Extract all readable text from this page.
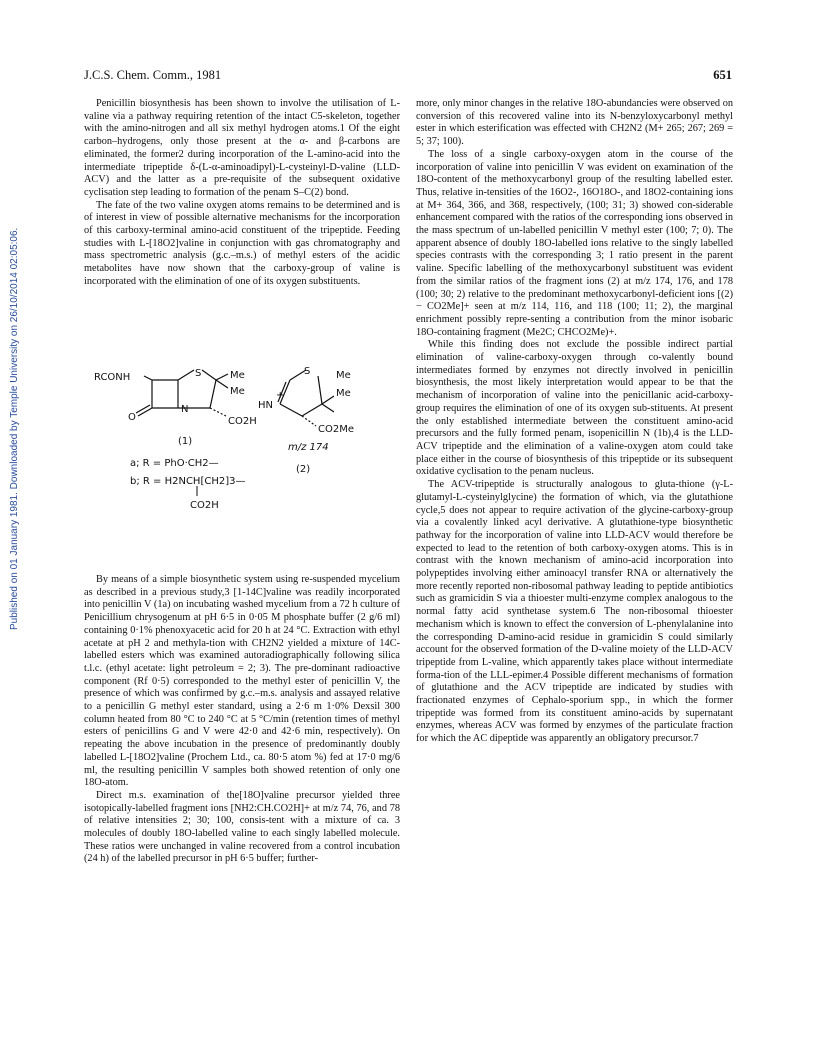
J.C.S. Chem. Comm., 1981	651
Published on 01 January 1981. Downloaded by Temple University on 26/10/2014 02:05:06.

Penicillin biosynthesis has been shown to involve the utilisation of L-valine via a pathway requiring retention of the intact C5-skeleton, together with the amino-nitrogen and all six methyl hydrogen atoms.1 Of the eight carbon–hydrogens, only those present at the α- and β-carbons are eliminated, the former2 during incorporation of the L-amino-acid into the intermediate tripeptide δ-(L-α-aminoadipyl)-L-cysteinyl-D-valine (LLD-ACV) and the latter as a pre-requisite of the subsequent oxidative cyclisation step leading to formation of the penam S–C(2) bond.

The fate of the two valine oxygen atoms remains to be determined and is of interest in view of possible alternative mechanisms for the incorporation of this carboxy-terminal amino-acid constituent of the tripeptide. Feeding studies with L-[18O2]valine in conjunction with gas chromatography and mass spectrometric analysis (g.c.–m.s.) of methyl esters of the acidic metabolites have now shown that the carboxy-group of valine is incorporated with the elimination of one of its oxygen substituents.

RCONH	S	Me
Me
N
O	CO2H
(1)
a; R = PhO·CH2—
b; R = H2NCH[CH2]3—
CO2H
S	Me
Me
HN
+
CO2Me
m/z 174
(2)

By means of a simple biosynthetic system using re-suspended mycelium as described in a previous study,3 [1-14C]valine was readily incorporated into penicillin V (1a) on incubating washed mycelium from a 72 h culture of Penicillium chrysogenum at pH 6·5 in 0·05 M phosphate buffer (2 g/6 ml) containing 0·1% phenoxyacetic acid for 20 h at 24 °C. Extraction with ethyl acetate at pH 2 and methyla-tion with CH2N2 yielded a mixture of 14C-labelled esters which was examined autoradiographically following silica t.l.c. (ethyl acetate: light petroleum = 2; 3). The pre-dominant radioactive component (Rf 0·5) corresponded to the methyl ester of penicillin V, the presence of which was confirmed by g.c.–m.s. analysis and assayed relative to a penicillin G methyl ester standard, using a 2·6 m 1·0% Dexsil 300 column heated from 80 °C to 240 °C at 5 °C/min (retention times of methyl esters of penicillins G and V were 42·0 and 42·6 min, respectively). On repeating the above incubation in the presence of predominantly doubly labelled L-[18O2]valine (Prochem Ltd., ca. 80·5 atom %) fed at 17·0 mg/6 ml, the resulting penicillin V samples both showed retention of only one 18O-atom.

Direct m.s. examination of the[18O]valine precursor yielded three isotopically-labelled fragment ions [NH2:CH.CO2H]+ at m/z 74, 76, and 78 of relative intensities 2; 30; 100, consis-tent with a mixture of ca. 3 molecules of doubly 18O-labelled valine to each singly labelled molecule. These ratios were unchanged in valine recovered from a control incubation (24 h) of the labelled precursor in pH 6·5 buffer; further-

more, only minor changes in the relative 18O-abundancies were observed on conversion of this recovered valine into its N-benzyloxycarbonyl methyl ester in which esterification was effected with CH2N2 (M+ 265; 267; 269 = 5; 37; 100).

The loss of a single carboxy-oxygen atom in the course of the incorporation of valine into penicillin V was evident on examination of the 18O-content of the methoxycarbonyl group of the resulting labelled ester. Thus, relative in-tensities of the 16O2-, 16O18O-, and 18O2-containing ions at M+ 364, 366, and 368, respectively, (100; 31; 3) showed con-siderable enhancement compared with the ratios of the corresponding ions observed in the mass spectrum of un-labelled penicillin V methyl ester (100; 7; 0). The apparent absence of doubly 18O-labelled ions relative to the singly labelled species contrasts with the corresponding 3; 1 ratio present in the parent valine. Specific labelling of the methoxycarbonyl substituent was evident from the similar ratios of the fragment ions (2) at m/z 174, 176, and 178 (100; 30; 2) relative to the predominant methoxycarbonyl-deficient ions [(2) − CO2Me]+ seen at m/z 114, 116, and 118 (100; 11; 2), the marginal enrichment possibly repre-senting a contribution from the minor isobaric 18O-containing fragment (Me2C; CHCO2Me)+.

While this finding does not exclude the possible indirect partial elimination of valine-carboxy-oxygen through co-valently bound intermediates formed by enzymes not directly involved in penicillin biosynthesis, the most likely interpretation would appear to be that the mechanism of incorporation of valine into the penicillanic acid-carboxy-group requires the elimination of one of its oxygen sub-stituents. At present the only established intermediate between the constituent amino-acid precursors and the fully formed penam, isopenicillin N (1b),4 is the LLD-ACV tripeptide and the elimination of a valine-oxygen atom could take place either in the course of biosynthesis of this tripeptide or its subsequent oxidative cyclisation to the penam nucleus.

The ACV-tripeptide is structurally analogous to gluta-thione (γ-L-glutamyl-L-cysteinylglycine) the formation of which, via the glutathione cycle,5 does not appear to require activation of the glycine-carboxy-group via a covalently linked acyl derivative. A glutathione-type biosynthetic pathway for the incorporation of valine into LLD-ACV would therefore be expected to lead to the retention of both carboxy-oxygen atoms. This is in contrast with the known mechanism of amino-acid incorporation into polypeptides involving either aminoacyl transfer RNA or alternatively the more recently reported non-ribosomal pathway leading to peptide antibiotics such as gramicidin S via a thioester multi-enzyme complex analogous to the normal fatty acid synthetase system.6 The non-ribosomal thioester mechanism which is known to effect the conversion of L-phenylalanine into the corresponding D-amino-acid residue in gramicidin S could similarly account for the observed formation of the D-valine moiety of the LLD-ACV tripeptide from L-valine, which apparently takes place without intermediate forma-tion of the LLL-epimer.4 Possible different mechanisms of formation of glutathione and the ACV tripeptide are indicated by studies with fractionated enzymes of Cephalo-sporium spp., in which the former tripeptide was formed from its constituent amino-acids by supernatant enzymes, whereas ACV was formed by enzymes of the particulate fraction for which the AC dipeptide was apparently an obligatory precursor.7
